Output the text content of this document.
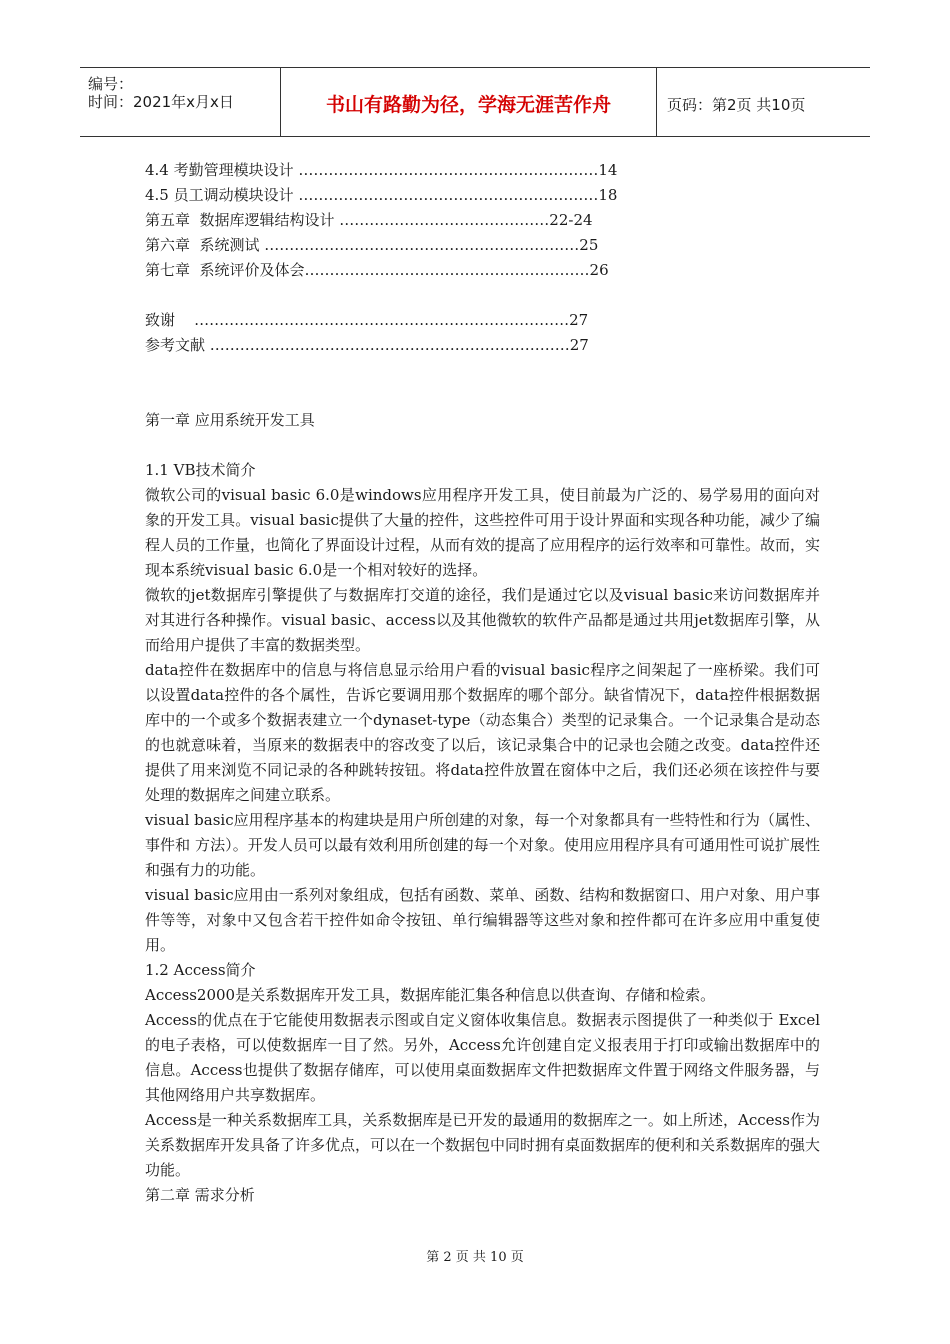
编号：
时间：2021年x月x日	书山有路勤为径，学海无涯苦作舟	页码：第2页 共10页
4.4 考勤管理模块设计 ……………………………………………………14
4.5 员工调动模块设计 ……………………………………………………18
第五章  数据库逻辑结构设计 ……………………………………22-24
第六章  系统测试 ………………………………………………………25
第七章  系统评价及体会…………………………………………………26
致谢    …………………………………………………………………27
参考文献 ………………………………………………………………27
第一章 应用系统开发工具
1.1 VB技术简介

微软公司的visual basic 6.0是windows应用程序开发工具，使目前最为广泛的、易学易用的面向对象的开发工具。visual basic提供了大量的控件，这些控件可用于设计界面和实现各种功能，减少了编程人员的工作量，也简化了界面设计过程，从而有效的提高了应用程序的运行效率和可靠性。故而，实现本系统visual basic 6.0是一个相对较好的选择。

微软的jet数据库引擎提供了与数据库打交道的途径，我们是通过它以及visual basic来访问数据库并对其进行各种操作。visual basic、access以及其他微软的软件产品都是通过共用jet数据库引擎，从而给用户提供了丰富的数据类型。

data控件在数据库中的信息与将信息显示给用户看的visual basic程序之间架起了一座桥梁。我们可以设置data控件的各个属性，告诉它要调用那个数据库的哪个部分。缺省情况下，data控件根据数据库中的一个或多个数据表建立一个dynaset-type（动态集合）类型的记录集合。一个记录集合是动态的也就意味着，当原来的数据表中的容改变了以后，该记录集合中的记录也会随之改变。data控件还提供了用来浏览不同记录的各种跳转按钮。将data控件放置在窗体中之后，我们还必须在该控件与要处理的数据库之间建立联系。

visual basic应用程序基本的构建块是用户所创建的对象，每一个对象都具有一些特性和行为（属性、事件和 方法）。开发人员可以最有效利用所创建的每一个对象。使用应用程序具有可通用性可说扩展性和强有力的功能。

visual basic应用由一系列对象组成，包括有函数、菜单、函数、结构和数据窗口、用户对象、用户事件等等，对象中又包含若干控件如命令按钮、单行编辑器等这些对象和控件都可在许多应用中重复使用。

1.2 Access简介

Access2000是关系数据库开发工具，数据库能汇集各种信息以供查询、存储和检索。

Access的优点在于它能使用数据表示图或自定义窗体收集信息。数据表示图提供了一种类似于 Excel的电子表格，可以使数据库一目了然。另外，Access允许创建自定义报表用于打印或输出数据库中的信息。Access也提供了数据存储库，可以使用桌面数据库文件把数据库文件置于网络文件服务器，与其他网络用户共享数据库。

Access是一种关系数据库工具，关系数据库是已开发的最通用的数据库之一。如上所述，Access作为关系数据库开发具备了许多优点，可以在一个数据包中同时拥有桌面数据库的便利和关系数据库的强大功能。

第二章 需求分析
第 2 页 共 10 页
